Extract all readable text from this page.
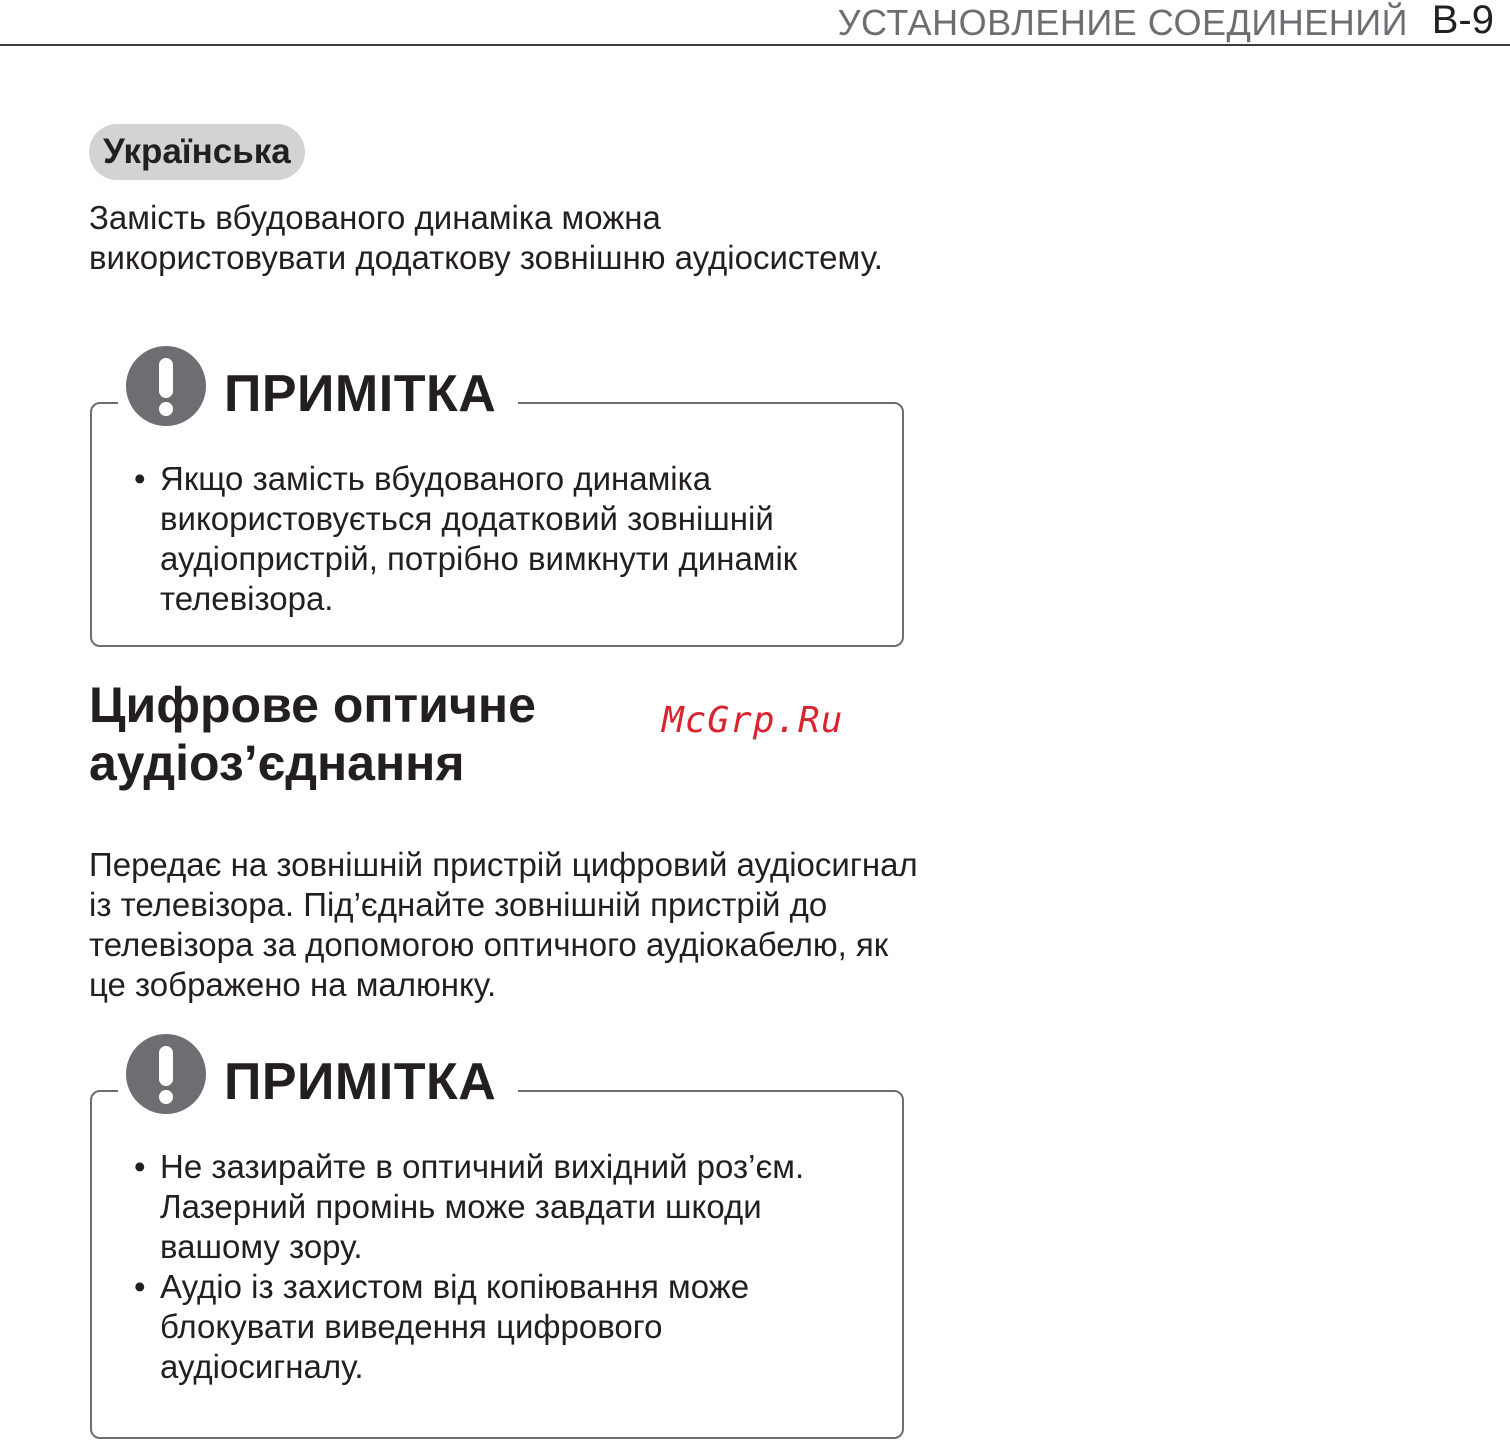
УСТАНОВЛЕНИЕ СОЕДИНЕНИЙ B-9
Українська

Замість вбудованого динаміка можна використовувати додаткову зовнішню аудіосистему.

ПРИМІТКА
• Якщо замість вбудованого динаміка використовується додатковий зовнішній аудіопристрій, потрібно вимкнути динамік телевізора.
Цифрове оптичне аудіоз’єднання
McGrp.Ru

Передає на зовнішній пристрій цифровий аудіосигнал із телевізора. Під’єднайте зовнішній пристрій до телевізора за допомогою оптичного аудіокабелю, як це зображено на малюнку.

ПРИМІТКА
• Не зазирайте в оптичний вихідний роз’єм. Лазерний промінь може завдати шкоди вашому зору.
• Аудіо із захистом від копіювання може блокувати виведення цифрового аудіосигналу.
